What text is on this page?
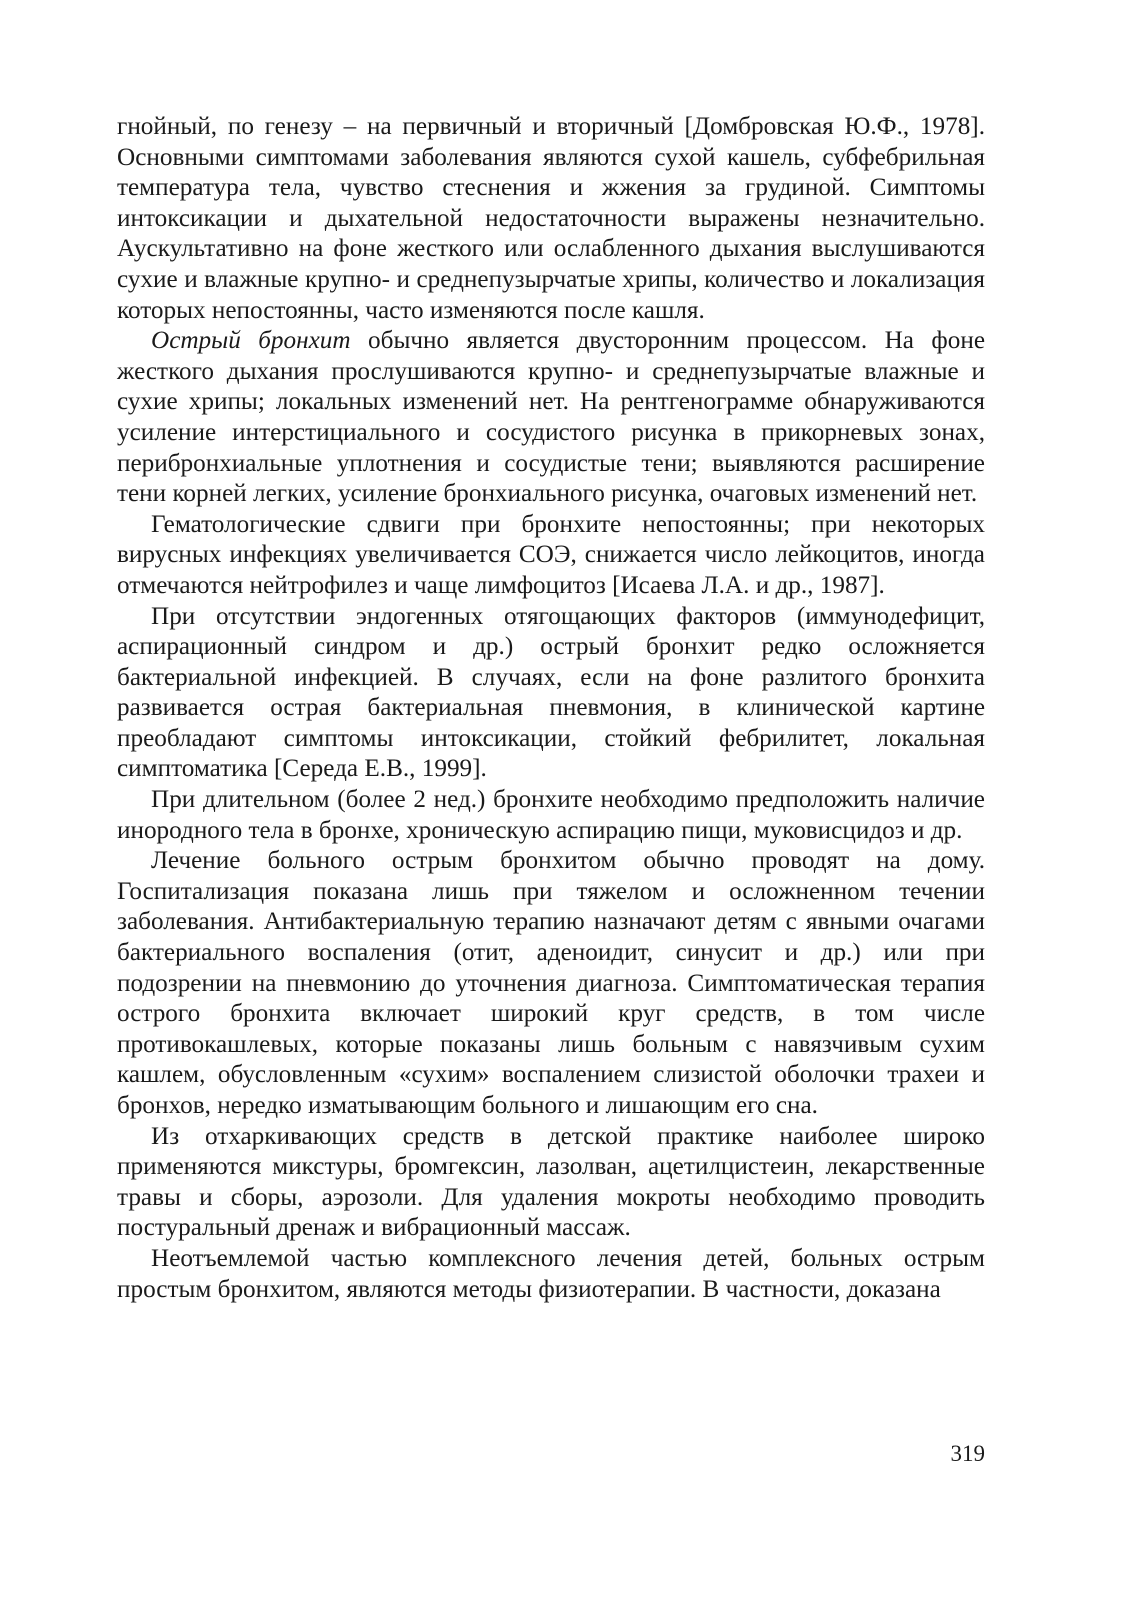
гнойный, по генезу – на первичный и вторичный [Домбровская Ю.Ф., 1978]. Основными симптомами заболевания являются сухой кашель, субфебрильная температура тела, чувство стеснения и жжения за грудиной. Симптомы интоксикации и дыхательной недостаточности выражены незначительно. Аускультативно на фоне жесткого или ослабленного дыхания выслушиваются сухие и влажные крупно- и среднепузырчатые хрипы, количество и локализация которых непостоянны, часто изменяются после кашля.

Острый бронхит обычно является двусторонним процессом. На фоне жесткого дыхания прослушиваются крупно- и среднепузырчатые влажные и сухие хрипы; локальных изменений нет. На рентгенограмме обнаруживаются усиление интерстициального и сосудистого рисунка в прикорневых зонах, перибронхиальные уплотнения и сосудистые тени; выявляются расширение тени корней легких, усиление бронхиального рисунка, очаговых изменений нет.

Гематологические сдвиги при бронхите непостоянны; при некоторых вирусных инфекциях увеличивается СОЭ, снижается число лейкоцитов, иногда отмечаются нейтрофилез и чаще лимфоцитоз [Исаева Л.А. и др., 1987].

При отсутствии эндогенных отягощающих факторов (иммунодефицит, аспирационный синдром и др.) острый бронхит редко осложняется бактериальной инфекцией. В случаях, если на фоне разлитого бронхита развивается острая бактериальная пневмония, в клинической картине преобладают симптомы интоксикации, стойкий фебрилитет, локальная симптоматика [Середа Е.В., 1999].

При длительном (более 2 нед.) бронхите необходимо предположить наличие инородного тела в бронхе, хроническую аспирацию пищи, муковисцидоз и др.

Лечение больного острым бронхитом обычно проводят на дому. Госпитализация показана лишь при тяжелом и осложненном течении заболевания. Антибактериальную терапию назначают детям с явными очагами бактериального воспаления (отит, аденоидит, синусит и др.) или при подозрении на пневмонию до уточнения диагноза. Симптоматическая терапия острого бронхита включает широкий круг средств, в том числе противокашлевых, которые показаны лишь больным с навязчивым сухим кашлем, обусловленным «сухим» воспалением слизистой оболочки трахеи и бронхов, нередко изматывающим больного и лишающим его сна.

Из отхаркивающих средств в детской практике наиболее широко применяются микстуры, бромгексин, лазолван, ацетилцистеин, лекарственные травы и сборы, аэрозоли. Для удаления мокроты необходимо проводить постуральный дренаж и вибрационный массаж.

Неотъемлемой частью комплексного лечения детей, больных острым простым бронхитом, являются методы физиотерапии. В частности, доказана

319
